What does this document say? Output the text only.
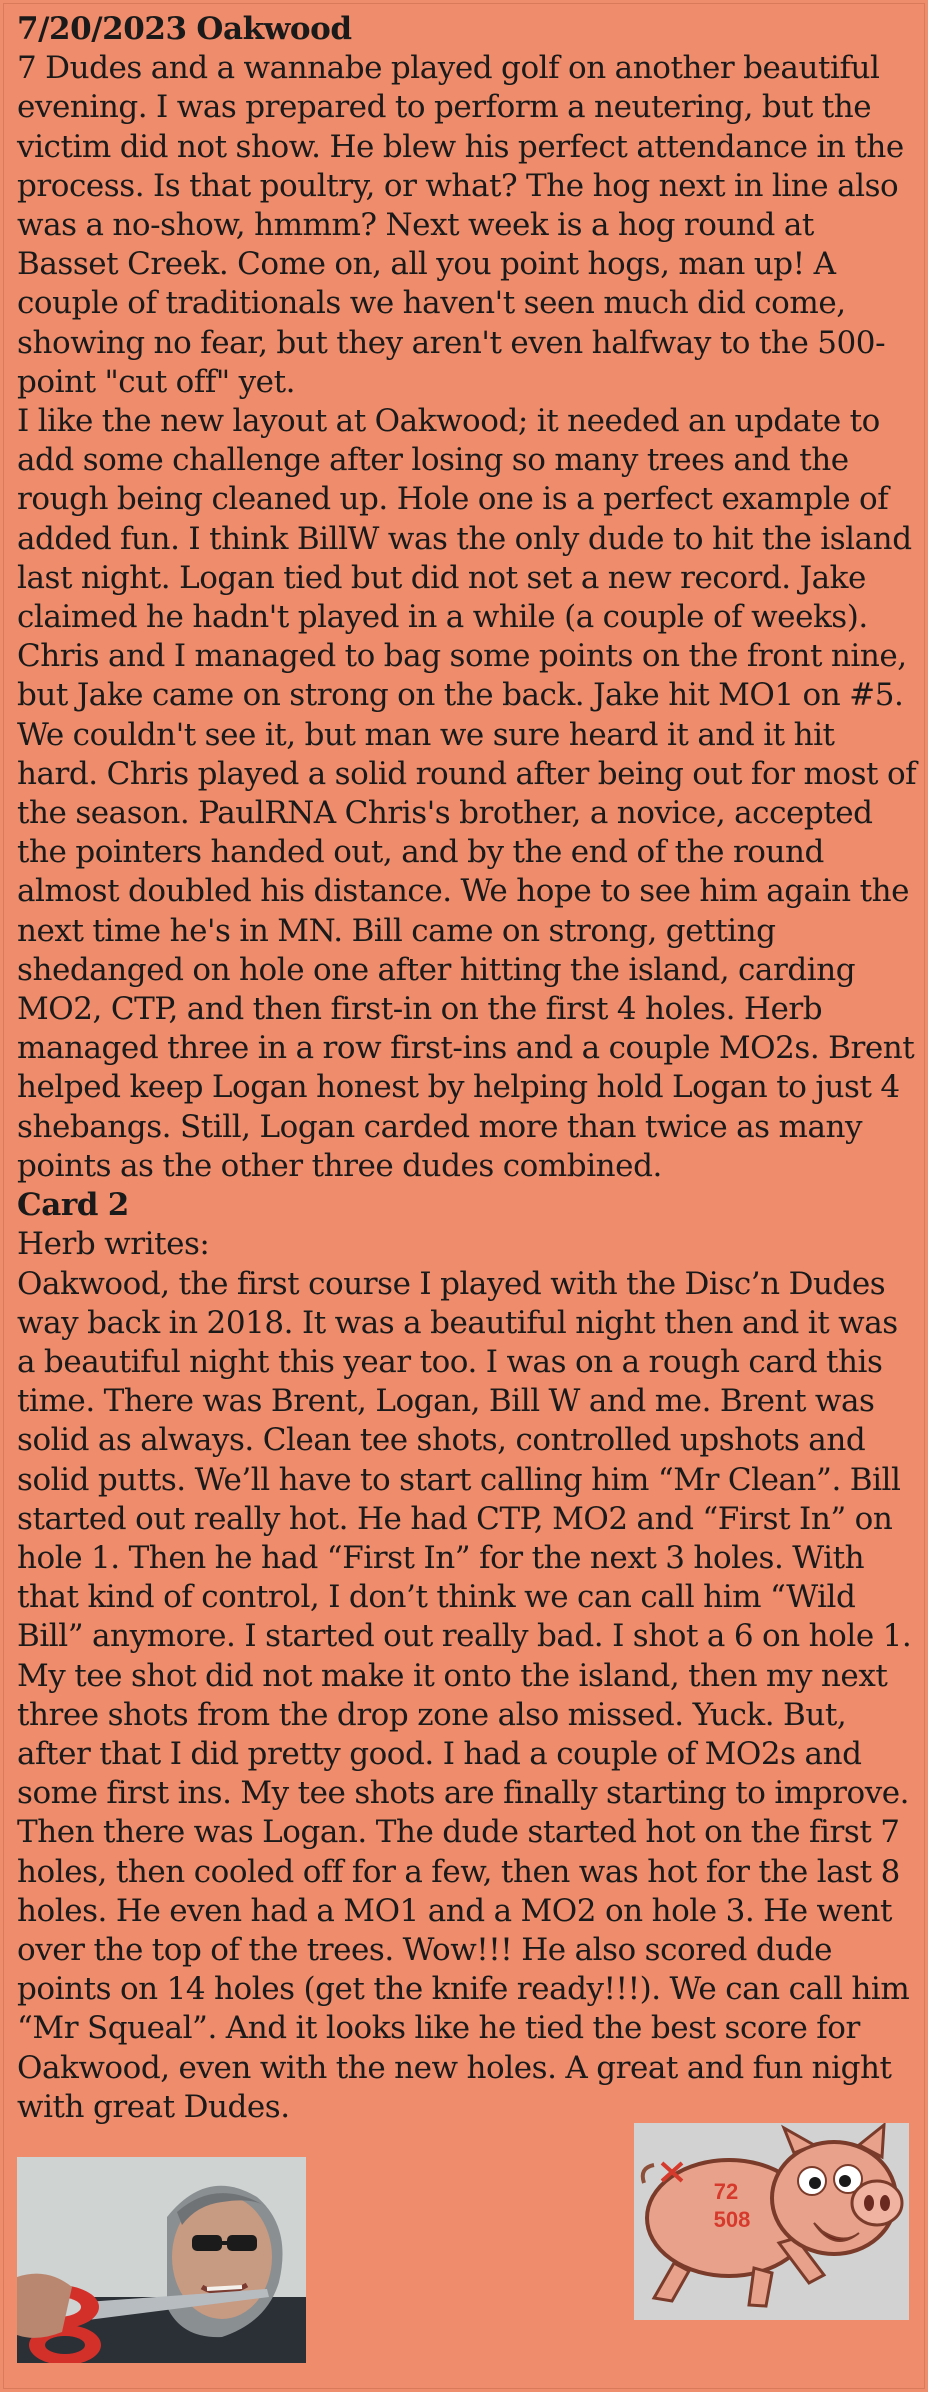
7/20/2023 Oakwood

7 Dudes and a wannabe played golf on another beautiful evening. I was prepared to perform a neutering, but the victim did not show. He blew his perfect attendance in the process. Is that poultry, or what? The hog next in line also was a no-show, hmmm? Next week is a hog round at Basset Creek. Come on, all you point hogs, man up! A couple of traditionals we haven't seen much did come, showing no fear, but they aren't even halfway to the 500-point "cut off" yet.

I like the new layout at Oakwood; it needed an update to add some challenge after losing so many trees and the rough being cleaned up. Hole one is a perfect example of added fun. I think BillW was the only dude to hit the island last night. Logan tied but did not set a new record. Jake claimed he hadn't played in a while (a couple of weeks). Chris and I managed to bag some points on the front nine, but Jake came on strong on the back. Jake hit MO1 on #5. We couldn't see it, but man we sure heard it and it hit hard. Chris played a solid round after being out for most of the season. PaulRNA Chris's brother, a novice, accepted the pointers handed out, and by the end of the round almost doubled his distance. We hope to see him again the next time he's in MN. Bill came on strong, getting shedanged on hole one after hitting the island, carding MO2, CTP, and then first-in on the first 4 holes. Herb managed three in a row first-ins and a couple MO2s. Brent helped keep Logan honest by helping hold Logan to just 4 shebangs. Still, Logan carded more than twice as many points as the other three dudes combined.

Card 2

Herb writes:

Oakwood, the first course I played with the Disc’n Dudes way back in 2018. It was a beautiful night then and it was a beautiful night this year too. I was on a rough card this time. There was Brent, Logan, Bill W and me. Brent was solid as always. Clean tee shots, controlled upshots and solid putts. We’ll have to start calling him “Mr Clean”. Bill started out really hot. He had CTP, MO2 and “First In” on hole 1. Then he had “First In” for the next 3 holes. With that kind of control, I don’t think we can call him “Wild Bill” anymore. I started out really bad. I shot a 6 on hole 1. My tee shot did not make it onto the island, then my next three shots from the drop zone also missed. Yuck. But, after that I did pretty good. I had a couple of MO2s and some first ins. My tee shots are finally starting to improve. Then there was Logan. The dude started hot on the first 7 holes, then cooled off for a few, then was hot for the last 8 holes. He even had a MO1 and a MO2 on hole 3. He went over the top of the trees. Wow!!! He also scored dude points on 14 holes (get the knife ready!!!). We can call him “Mr Squeal”. And it looks like he tied the best score for Oakwood, even with the new holes. A great and fun night with great Dudes.

72
508
